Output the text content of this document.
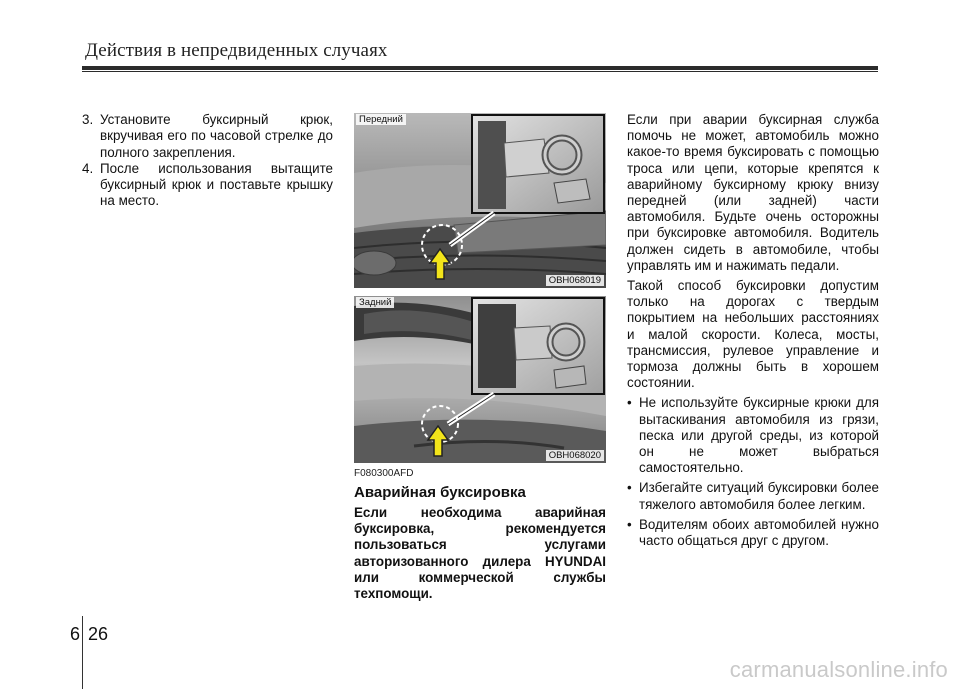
Действия в непредвиденных случаях
3. Установите буксирный крюк, вкручивая его по часовой стрелке до полного закрепления.
4. После использования вытащите буксирный крюк и поставьте крышку на место.
Передний
OBH068019
Задний
OBH068020
F080300AFD
Аварийная буксировка
Если необходима аварийная буксировка, рекомендуется пользоваться услугами авторизованного дилера HYUNDAI или коммерческой службы техпомощи.

Если при аварии буксирная служба помочь не может, автомобиль можно какое-то время буксировать с помощью троса или цепи, которые крепятся к аварийному буксирному крюку внизу передней (или задней) части автомобиля. Будьте очень осторожны при буксировке автомобиля. Водитель должен сидеть в автомобиле, чтобы управлять им и нажимать педали.

Такой способ буксировки допустим только на дорогах с твердым покрытием на небольших расстояниях и малой скорости. Колеса, мосты, трансмиссия, рулевое управление и тормоза должны быть в хорошем состоянии.

• Не используйте буксирные крюки для вытаскивания автомобиля из грязи, песка или другой среды, из которой он не может выбраться самостоятельно.
• Избегайте ситуаций буксировки более тяжелого автомобиля более легким.
• Водителям обоих автомобилей нужно часто общаться друг с другом.
6 26
carmanualsonline.info
